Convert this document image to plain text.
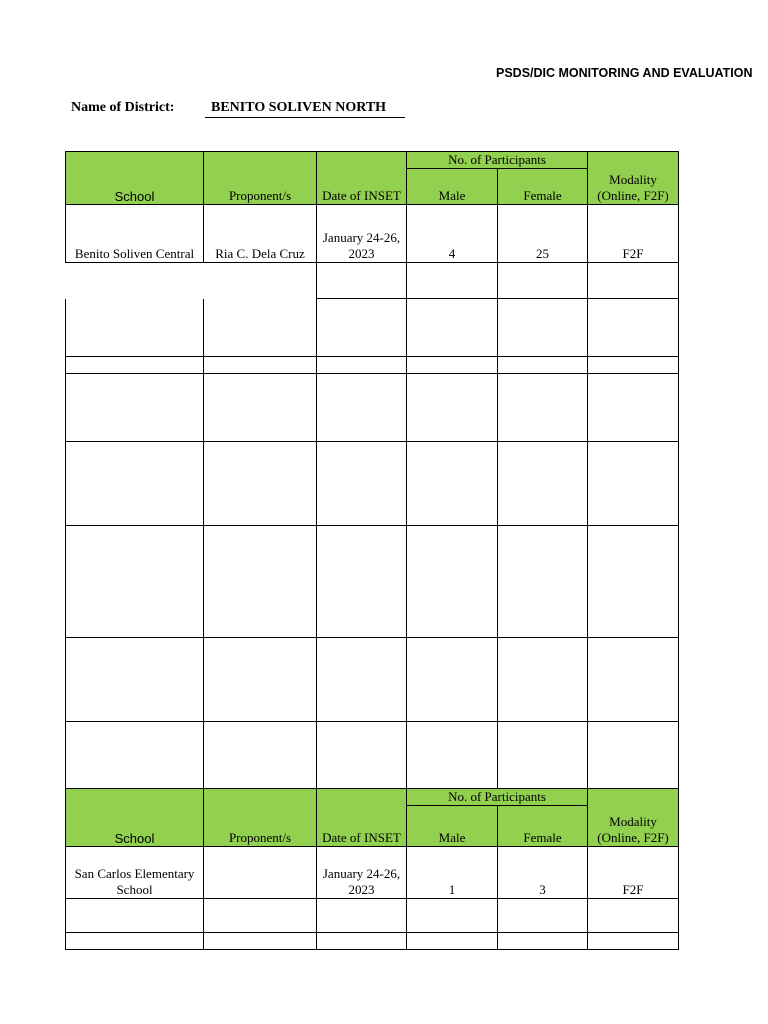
PSDS/DIC MONITORING AND EVALUATION
Name of District:	BENITO SOLIVEN NORTH
School	Proponent/s	Date of INSET	No. of Participants		Modality (Online, F2F)
			Male	Female	
Benito Soliven Central	Ria C. Dela Cruz	January 24-26, 2023	4	25	F2F

School	Proponent/s	Date of INSET	No. of Participants		Modality (Online, F2F)
			Male	Female	
San Carlos Elementary School		January 24-26, 2023	1	3	F2F
